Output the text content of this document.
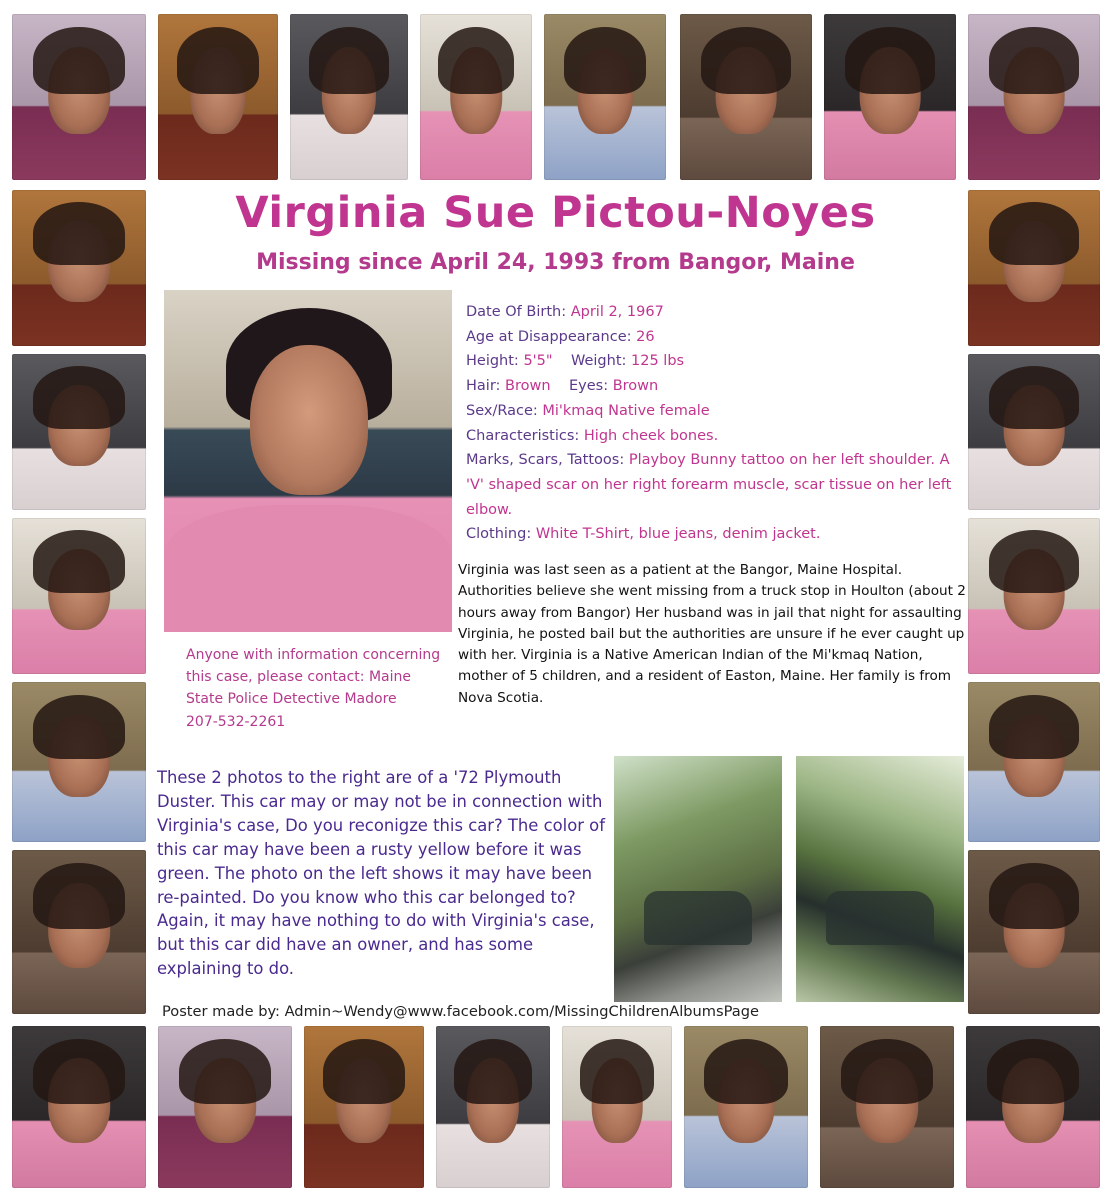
Virginia Sue Pictou-Noyes
Missing since April 24, 1993 from Bangor, Maine
Date Of Birth: April 2, 1967
Age at Disappearance: 26
Height: 5'5" Weight: 125 lbs
Hair: Brown Eyes: Brown
Sex/Race: Mi'kmaq Native female
Characteristics: High cheek bones.
Marks, Scars, Tattoos: Playboy Bunny tattoo on her left shoulder. A 'V' shaped scar on her right forearm muscle, scar tissue on her left elbow.
Clothing: White T-Shirt, blue jeans, denim jacket.

Virginia was last seen as a patient at the Bangor, Maine Hospital. Authorities believe she went missing from a truck stop in Houlton (about 2 hours away from Bangor) Her husband was in jail that night for assaulting Virginia, he posted bail but the authorities are unsure if he ever caught up with her. Virginia is a Native American Indian of the Mi'kmaq Nation, mother of 5 children, and a resident of Easton, Maine. Her family is from Nova Scotia.

Anyone with information concerning this case, please contact: Maine State Police Detective Madore
207-532-2261

These 2 photos to the right are of a '72 Plymouth Duster. This car may or may not be in connection with Virginia's case, Do you reconigze this car? The color of this car may have been a rusty yellow before it was green. The photo on the left shows it may have been re-painted. Do you know who this car belonged to? Again, it may have nothing to do with Virginia's case, but this car did have an owner, and has some explaining to do.

Poster made by: Admin~Wendy@www.facebook.com/MissingChildrenAlbumsPage
